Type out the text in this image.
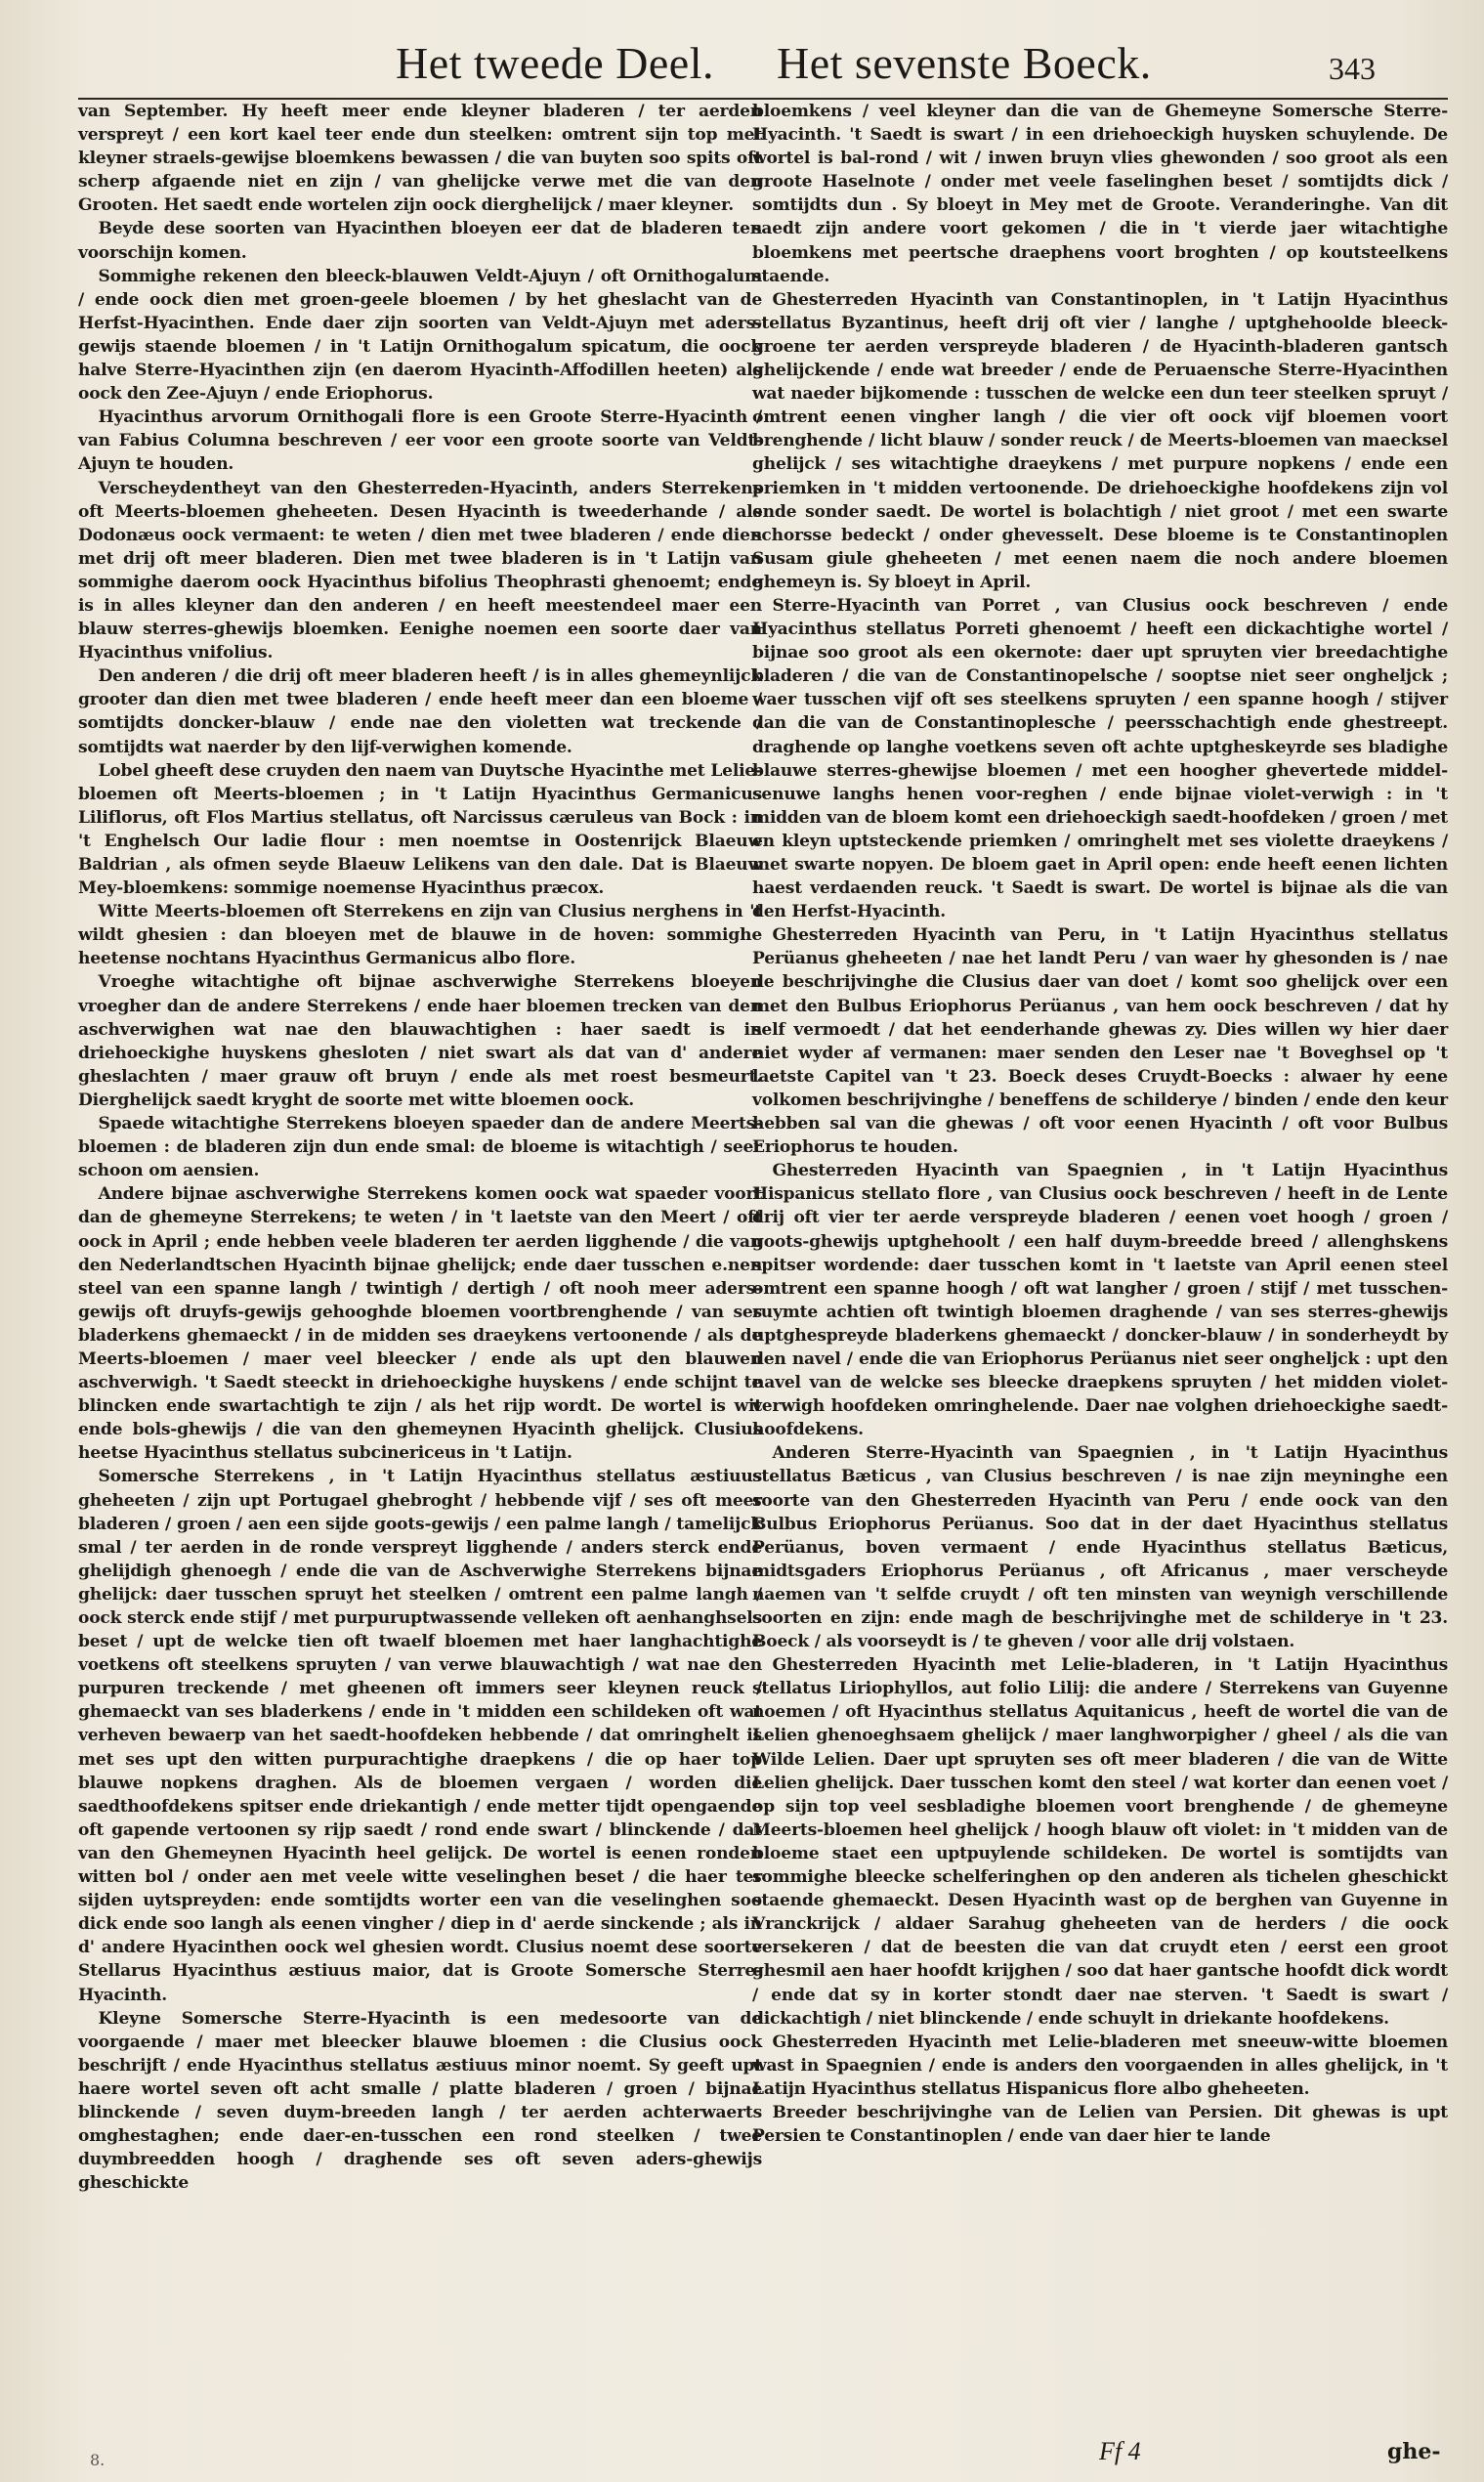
Het tweede Deel. Het sevenste Boeck.	343

van September. Hy heeft meer ende kleyner bladeren / ter aerden verspreyt / een kort kael teer ende dun steelken: omtrent sijn top met kleyner straels-gewijse bloemkens bewassen / die van buyten soo spits oft scherp afgaende niet en zijn / van ghelijcke verwe met die van den Grooten. Het saedt ende wortelen zijn oock dierghelijck / maer kleyner.

Beyde dese soorten van Hyacinthen bloeyen eer dat de bladeren ten voorschijn komen.

Sommighe rekenen den bleeck-blauwen Veldt-Ajuyn / oft Ornithogalum / ende oock dien met groen-geele bloemen / by het gheslacht van de Herfst-Hyacinthen. Ende daer zijn soorten van Veldt-Ajuyn met aders-gewijs staende bloemen / in 't Latijn Ornithogalum spicatum, die oock halve Sterre-Hyacinthen zijn (en daerom Hyacinth-Affodillen heeten) als oock den Zee-Ajuyn / ende Eriophorus.

Hyacinthus arvorum Ornithogali flore is een Groote Sterre-Hyacinth / van Fabius Columna beschreven / eer voor een groote soorte van Veldt-Ajuyn te houden.

Verscheydentheyt van den Ghesterreden-Hyacinth, anders Sterrekens oft Meerts-bloemen gheheeten. Desen Hyacinth is tweederhande / als Dodonæus oock vermaent: te weten / dien met twee bladeren / ende dien met drij oft meer bladeren. Dien met twee bladeren is in 't Latijn van sommighe daerom oock Hyacinthus bifolius Theophrasti ghenoemt; ende is in alles kleyner dan den anderen / en heeft meestendeel maer een blauw sterres-ghewijs bloemken. Eenighe noemen een soorte daer van Hyacinthus vnifolius.

Den anderen / die drij oft meer bladeren heeft / is in alles ghemeynlijck grooter dan dien met twee bladeren / ende heeft meer dan een bloeme / somtijdts doncker-blauw / ende nae den violetten wat treckende / somtijdts wat naerder by den lijf-verwighen komende.

Lobel gheeft dese cruyden den naem van Duytsche Hyacinthe met Lelie-bloemen oft Meerts-bloemen ; in 't Latijn Hyacinthus Germanicus Liliflorus, oft Flos Martius stellatus, oft Narcissus cæruleus van Bock : in 't Enghelsch Our ladie flour : men noemtse in Oostenrijck Blaeuw Baldrian , als ofmen seyde Blaeuw Lelikens van den dale. Dat is Blaeuw Mey-bloemkens: sommige noemense Hyacinthus præcox.

Witte Meerts-bloemen oft Sterrekens en zijn van Clusius nerghens in 't wildt ghesien : dan bloeyen met de blauwe in de hoven: sommighe heetense nochtans Hyacinthus Germanicus albo flore.

Vroeghe witachtighe oft bijnae aschverwighe Sterrekens bloeyen vroegher dan de andere Sterrekens / ende haer bloemen trecken van den aschverwighen wat nae den blauwachtighen : haer saedt is in driehoeckighe huyskens ghesloten / niet swart als dat van d' andere gheslachten / maer grauw oft bruyn / ende als met roest besmeurt. Dierghelijck saedt kryght de soorte met witte bloemen oock.

Spaede witachtighe Sterrekens bloeyen spaeder dan de andere Meerts-bloemen : de bladeren zijn dun ende smal: de bloeme is witachtigh / seer schoon om aensien.

Andere bijnae aschverwighe Sterrekens komen oock wat spaeder voort dan de ghemeyne Sterrekens; te weten / in 't laetste van den Meert / oft oock in April ; ende hebben veele bladeren ter aerden ligghende / die van den Nederlandtschen Hyacinth bijnae ghelijck; ende daer tusschen e.nen steel van een spanne langh / twintigh / dertigh / oft nooh meer aders-gewijs oft druyfs-gewijs gehooghde bloemen voortbrenghende / van ses bladerkens ghemaeckt / in de midden ses draeykens vertoonende / als de Meerts-bloemen / maer veel bleecker / ende als upt den blauwen aschverwigh. 't Saedt steeckt in driehoeckighe huyskens / ende schijnt te blincken ende swartachtigh te zijn / als het rijp wordt. De wortel is wit ende bols-ghewijs / die van den ghemeynen Hyacinth ghelijck. Clusius heetse Hyacinthus stellatus subcinericeus in 't Latijn.

Somersche Sterrekens , in 't Latijn Hyacinthus stellatus æstiuus gheheeten / zijn upt Portugael ghebroght / hebbende vijf / ses oft meer bladeren / groen / aen een sijde goots-gewijs / een palme langh / tamelijck smal / ter aerden in de ronde verspreyt ligghende / anders sterck ende ghelijdigh ghenoegh / ende die van de Aschverwighe Sterrekens bijnae ghelijck: daer tusschen spruyt het steelken / omtrent een palme langh / oock sterck ende stijf / met purpuruptwassende velleken oft aenhanghsels beset / upt de welcke tien oft twaelf bloemen met haer langhachtighe voetkens oft steelkens spruyten / van verwe blauwachtigh / wat nae den purpuren treckende / met gheenen oft immers seer kleynen reuck / ghemaeckt van ses bladerkens / ende in 't midden een schildeken oft wat verheven bewaerp van het saedt-hoofdeken hebbende / dat omringhelt is met ses upt den witten purpurachtighe draepkens / die op haer top blauwe nopkens draghen. Als de bloemen vergaen / worden die saedthoofdekens spitser ende driekantigh / ende metter tijdt opengaende oft gapende vertoonen sy rijp saedt / rond ende swart / blinckende / dat van den Ghemeynen Hyacinth heel gelijck. De wortel is eenen ronden witten bol / onder aen met veele witte veselinghen beset / die haer ter sijden uytspreyden: ende somtijdts worter een van die veselinghen soo dick ende soo langh als eenen vingher / diep in d' aerde sinckende ; als in d' andere Hyacinthen oock wel ghesien wordt. Clusius noemt dese soorte Stellarus Hyacinthus æstiuus maior, dat is Groote Somersche Sterre-Hyacinth.

Kleyne Somersche Sterre-Hyacinth is een medesoorte van de voorgaende / maer met bleecker blauwe bloemen : die Clusius oock beschrijft / ende Hyacinthus stellatus æstiuus minor noemt. Sy geeft upt haere wortel seven oft acht smalle / platte bladeren / groen / bijnae blinckende / seven duym-breeden langh / ter aerden achterwaerts omghestaghen; ende daer-en-tusschen een rond steelken / twee duymbreedden hoogh / draghende ses oft seven aders-ghewijs gheschickte

bloemkens / veel kleyner dan die van de Ghemeyne Somersche Sterre-Hyacinth. 't Saedt is swart / in een driehoeckigh huysken schuylende. De wortel is bal-rond / wit / inwen bruyn vlies ghewonden / soo groot als een groote Haselnote / onder met veele faselinghen beset / somtijdts dick / somtijdts dun . Sy bloeyt in Mey met de Groote. Veranderinghe. Van dit saedt zijn andere voort gekomen / die in 't vierde jaer witachtighe bloemkens met peertsche draephens voort broghten / op koutsteelkens staende.

Ghesterreden Hyacinth van Constantinoplen, in 't Latijn Hyacinthus stellatus Byzantinus, heeft drij oft vier / langhe / uptghehoolde bleeck-groene ter aerden verspreyde bladeren / de Hyacinth-bladeren gantsch ghelijckende / ende wat breeder / ende de Peruaensche Sterre-Hyacinthen wat naeder bijkomende : tusschen de welcke een dun teer steelken spruyt / omtrent eenen vingher langh / die vier oft oock vijf bloemen voort brenghende / licht blauw / sonder reuck / de Meerts-bloemen van maecksel ghelijck / ses witachtighe draeykens / met purpure nopkens / ende een priemken in 't midden vertoonende. De driehoeckighe hoofdekens zijn vol ende sonder saedt. De wortel is bolachtigh / niet groot / met een swarte schorsse bedeckt / onder ghevesselt. Dese bloeme is te Constantinoplen Susam giule gheheeten / met eenen naem die noch andere bloemen ghemeyn is. Sy bloeyt in April.

Sterre-Hyacinth van Porret , van Clusius oock beschreven / ende Hyacinthus stellatus Porreti ghenoemt / heeft een dickachtighe wortel / bijnae soo groot als een okernote: daer upt spruyten vier breedachtighe bladeren / die van de Constantinopelsche / sooptse niet seer ongheljck ; waer tusschen vijf oft ses steelkens spruyten / een spanne hoogh / stijver dan die van de Constantinoplesche / peersschachtigh ende ghestreept. draghende op langhe voetkens seven oft achte uptgheskeyrde ses bladighe blauwe sterres-ghewijse bloemen / met een hoogher ghevertede middel-senuwe langhs henen voor-reghen / ende bijnae violet-verwigh : in 't midden van de bloem komt een driehoeckigh saedt-hoofdeken / groen / met en kleyn uptsteckende priemken / omringhelt met ses violette draeykens / met swarte nopyen. De bloem gaet in April open: ende heeft eenen lichten haest verdaenden reuck. 't Saedt is swart. De wortel is bijnae als die van den Herfst-Hyacinth.

Ghesterreden Hyacinth van Peru, in 't Latijn Hyacinthus stellatus Perüanus gheheeten / nae het landt Peru / van waer hy ghesonden is / nae de beschrijvinghe die Clusius daer van doet / komt soo ghelijck over een met den Bulbus Eriophorus Perüanus , van hem oock beschreven / dat hy self vermoedt / dat het eenderhande ghewas zy. Dies willen wy hier daer niet wyder af vermanen: maer senden den Leser nae 't Boveghsel op 't laetste Capitel van 't 23. Boeck deses Cruydt-Boecks : alwaer hy eene volkomen beschrijvinghe / beneffens de schilderye / binden / ende den keur hebben sal van die ghewas / oft voor eenen Hyacinth / oft voor Bulbus Eriophorus te houden.

Ghesterreden Hyacinth van Spaegnien , in 't Latijn Hyacinthus Hispanicus stellato flore , van Clusius oock beschreven / heeft in de Lente drij oft vier ter aerde verspreyde bladeren / eenen voet hoogh / groen / goots-ghewijs uptghehoolt / een half duym-breedde breed / allenghskens spitser wordende: daer tusschen komt in 't laetste van April eenen steel omtrent een spanne hoogh / oft wat langher / groen / stijf / met tusschen-ruymte achtien oft twintigh bloemen draghende / van ses sterres-ghewijs uptghespreyde bladerkens ghemaeckt / doncker-blauw / in sonderheydt by den navel / ende die van Eriophorus Perüanus niet seer ongheljck : upt den navel van de welcke ses bleecke draepkens spruyten / het midden violet-verwigh hoofdeken omringhelende. Daer nae volghen driehoeckighe saedt-hoofdekens.

Anderen Sterre-Hyacinth van Spaegnien , in 't Latijn Hyacinthus stellatus Bæticus , van Clusius beschreven / is nae zijn meyninghe een soorte van den Ghesterreden Hyacinth van Peru / ende oock van den Bulbus Eriophorus Perüanus. Soo dat in der daet Hyacinthus stellatus Perüanus, boven vermaent / ende Hyacinthus stellatus Bæticus, midtsgaders Eriophorus Perüanus , oft Africanus , maer verscheyde naemen van 't selfde cruydt / oft ten minsten van weynigh verschillende soorten en zijn: ende magh de beschrijvinghe met de schilderye in 't 23. Boeck / als voorseydt is / te gheven / voor alle drij volstaen.

Ghesterreden Hyacinth met Lelie-bladeren, in 't Latijn Hyacinthus stellatus Liriophyllos, aut folio Lilij: die andere / Sterrekens van Guyenne noemen / oft Hyacinthus stellatus Aquitanicus , heeft de wortel die van de Lelien ghenoeghsaem ghelijck / maer langhworpigher / gheel / als die van Wilde Lelien. Daer upt spruyten ses oft meer bladeren / die van de Witte Lelien ghelijck. Daer tusschen komt den steel / wat korter dan eenen voet / op sijn top veel sesbladighe bloemen voort brenghende / de ghemeyne Meerts-bloemen heel ghelijck / hoogh blauw oft violet: in 't midden van de bloeme staet een uptpuylende schildeken. De wortel is somtijdts van sommighe bleecke schelferinghen op den anderen als tichelen gheschickt staende ghemaeckt. Desen Hyacinth wast op de berghen van Guyenne in Vranckrijck / aldaer Sarahug gheheeten van de herders / die oock versekeren / dat de beesten die van dat cruydt eten / eerst een groot ghesmil aen haer hoofdt krijghen / soo dat haer gantsche hoofdt dick wordt / ende dat sy in korter stondt daer nae sterven. 't Saedt is swart / dickachtigh / niet blinckende / ende schuylt in driekante hoofdekens.

Ghesterreden Hyacinth met Lelie-bladeren met sneeuw-witte bloemen wast in Spaegnien / ende is anders den voorgaenden in alles ghelijck, in 't Latijn Hyacinthus stellatus Hispanicus flore albo gheheeten.

Breeder beschrijvinghe van de Lelien van Persien. Dit ghewas is upt Persien te Constantinoplen / ende van daer hier te lande

8.	Ff 4	ghe-
